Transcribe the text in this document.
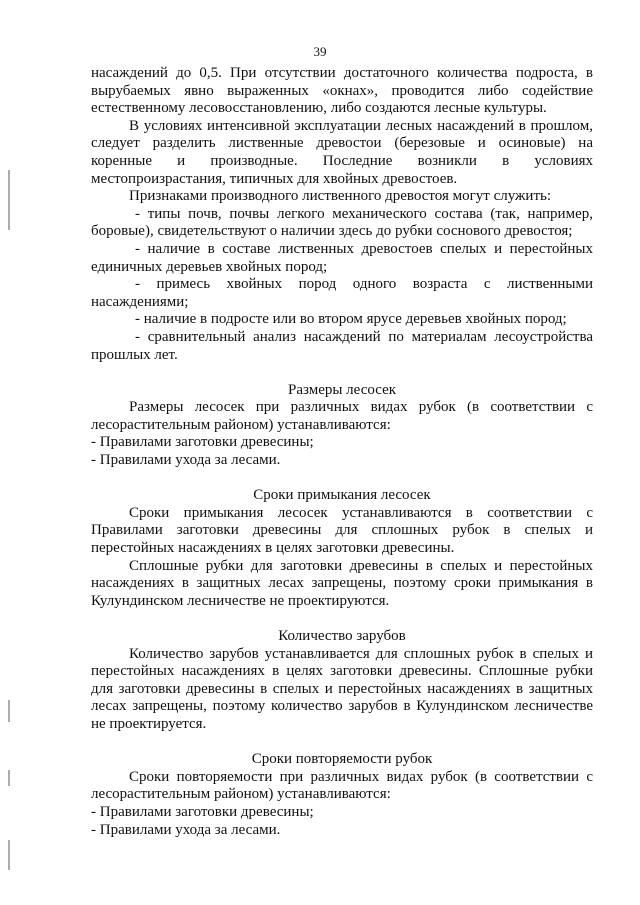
39

насаждений до 0,5. При отсутствии достаточного количества подроста, в вырубаемых явно выраженных «окнах», проводится либо содействие естественному лесовосстановлению, либо создаются лесные культуры.

В условиях интенсивной эксплуатации лесных насаждений в прошлом, следует разделить лиственные древостои (березовые и осиновые) на коренные и производные. Последние возникли в условиях местопроизрастания, типичных для хвойных древостоев.

Признаками производного лиственного древостоя могут служить:

- типы почв, почвы легкого механического состава (так, например, боровые), свидетельствуют о наличии здесь до рубки соснового древостоя;

- наличие в составе лиственных древостоев спелых и перестойных единичных деревьев хвойных пород;

- примесь хвойных пород одного возраста с лиственными насаждениями;

- наличие в подросте или во втором ярусе деревьев хвойных пород;

- сравнительный анализ насаждений по материалам лесоустройства прошлых лет.

Размеры лесосек

Размеры лесосек при различных видах рубок (в соответствии с лесорастительным районом) устанавливаются:

- Правилами заготовки древесины;

- Правилами ухода за лесами.

Сроки примыкания лесосек

Сроки примыкания лесосек устанавливаются в соответствии с Правилами заготовки древесины для сплошных рубок в спелых и перестойных насаждениях в целях заготовки древесины.

Сплошные рубки для заготовки древесины в спелых и перестойных насаждениях в защитных лесах запрещены, поэтому сроки примыкания в Кулундинском лесничестве не проектируются.

Количество зарубов

Количество зарубов устанавливается для сплошных рубок в спелых и перестойных насаждениях в целях заготовки древесины. Сплошные рубки для заготовки древесины в спелых и перестойных насаждениях в защитных лесах запрещены, поэтому количество зарубов в Кулундинском лесничестве не проектируется.

Сроки повторяемости рубок

Сроки повторяемости при различных видах рубок (в соответствии с лесорастительным районом) устанавливаются:

- Правилами заготовки древесины;

- Правилами ухода за лесами.
